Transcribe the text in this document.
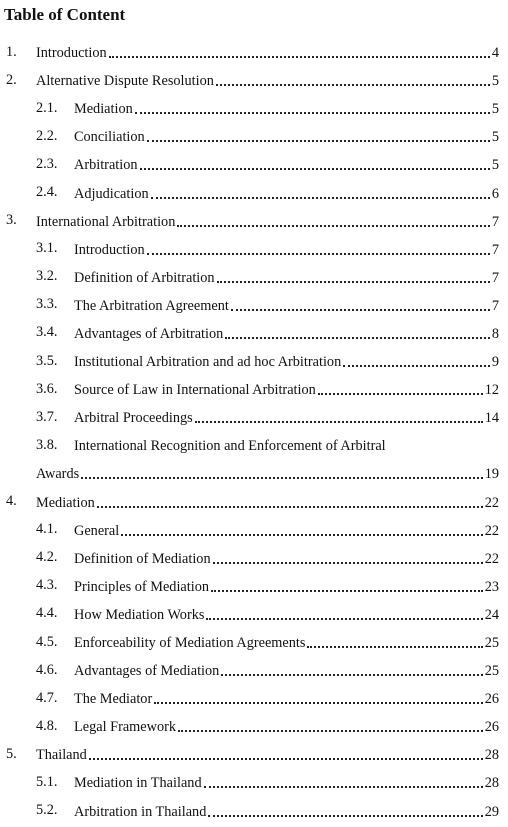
Table of Content
1. Introduction	4
2. Alternative Dispute Resolution	5
2.1. Mediation	5
2.2. Conciliation	5
2.3. Arbitration	5
2.4. Adjudication	6
3. International Arbitration	7
3.1. Introduction	7
3.2. Definition of Arbitration	7
3.3. The Arbitration Agreement	7
3.4. Advantages of Arbitration	8
3.5. Institutional Arbitration and ad hoc Arbitration	9
3.6. Source of Law in International Arbitration	12
3.7. Arbitral Proceedings	14
3.8. International Recognition and Enforcement of Arbitral
Awards	19
4. Mediation	22
4.1. General	22
4.2. Definition of Mediation	22
4.3. Principles of Mediation	23
4.4. How Mediation Works	24
4.5. Enforceability of Mediation Agreements	25
4.6. Advantages of Mediation	25
4.7. The Mediator	26
4.8. Legal Framework	26
5. Thailand	28
5.1. Mediation in Thailand	28
5.2. Arbitration in Thailand	29
